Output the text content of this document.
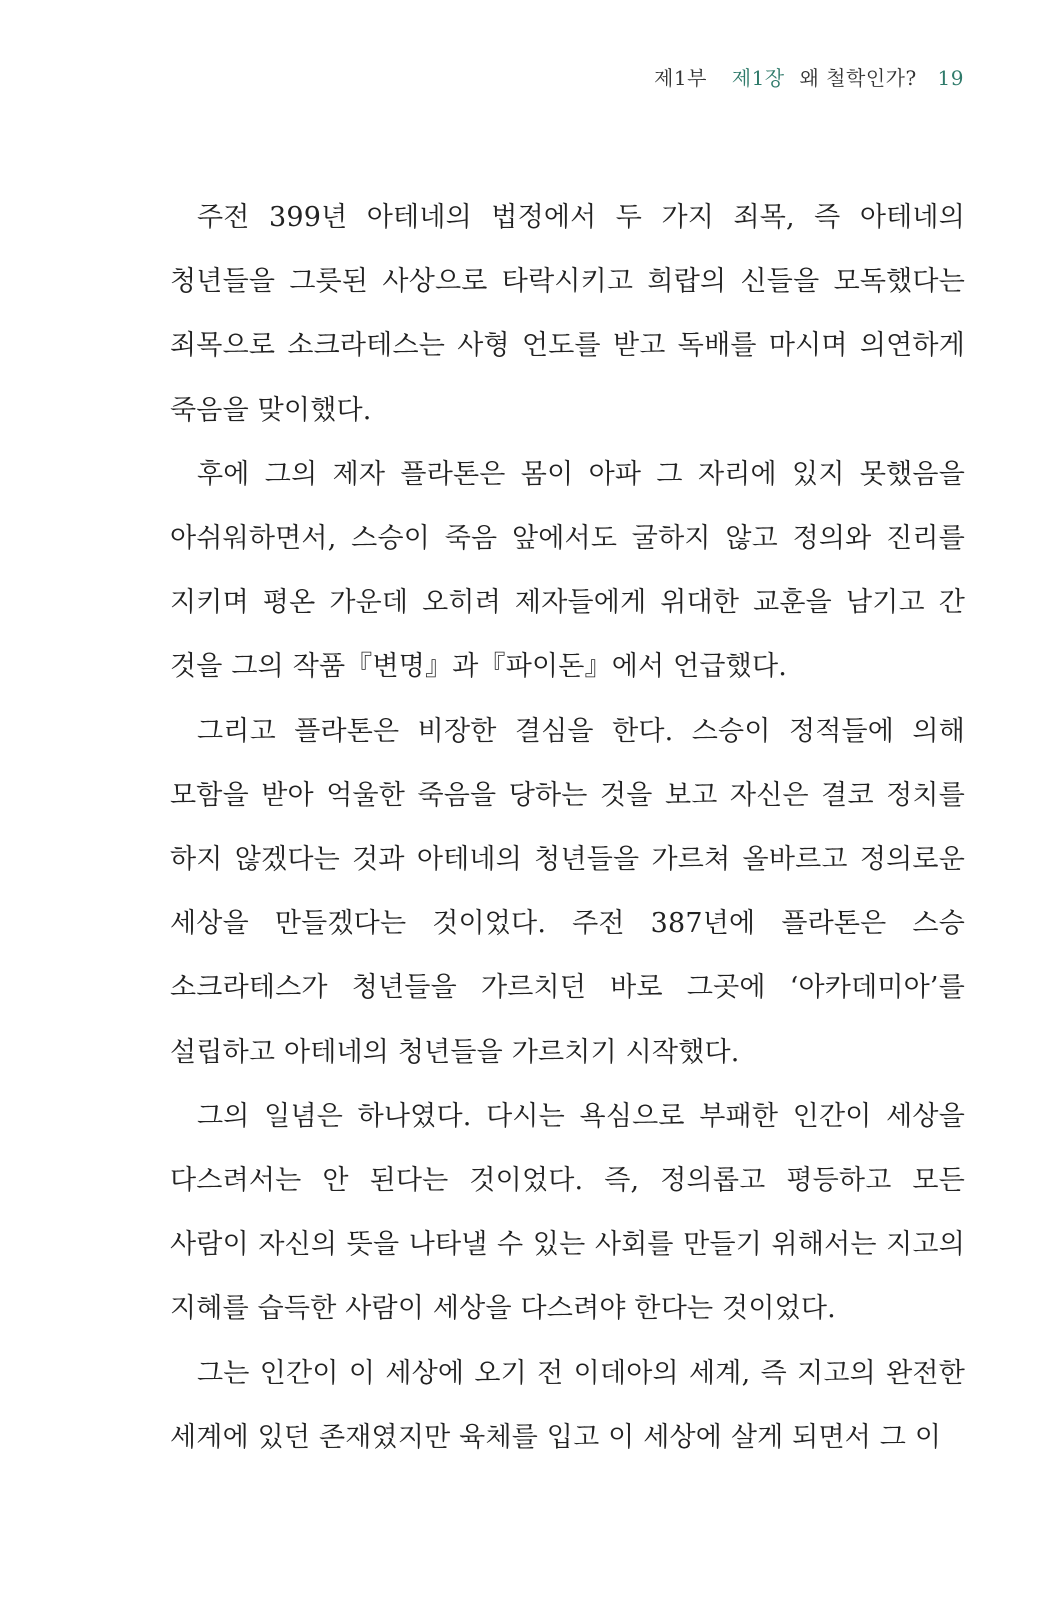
제1부 제1장 왜 철학인가? 19

주전 399년 아테네의 법정에서 두 가지 죄목, 즉 아테네의 청년들을 그릇된 사상으로 타락시키고 희랍의 신들을 모독했다는 죄목으로 소크라테스는 사형 언도를 받고 독배를 마시며 의연하게 죽음을 맞이했다.

후에 그의 제자 플라톤은 몸이 아파 그 자리에 있지 못했음을 아쉬워하면서, 스승이 죽음 앞에서도 굴하지 않고 정의와 진리를 지키며 평온 가운데 오히려 제자들에게 위대한 교훈을 남기고 간 것을 그의 작품『변명』과『파이돈』에서 언급했다.

그리고 플라톤은 비장한 결심을 한다. 스승이 정적들에 의해 모함을 받아 억울한 죽음을 당하는 것을 보고 자신은 결코 정치를 하지 않겠다는 것과 아테네의 청년들을 가르쳐 올바르고 정의로운 세상을 만들겠다는 것이었다. 주전 387년에 플라톤은 스승 소크라테스가 청년들을 가르치던 바로 그곳에 ‘아카데미아’를 설립하고 아테네의 청년들을 가르치기 시작했다.

그의 일념은 하나였다. 다시는 욕심으로 부패한 인간이 세상을 다스려서는 안 된다는 것이었다. 즉, 정의롭고 평등하고 모든 사람이 자신의 뜻을 나타낼 수 있는 사회를 만들기 위해서는 지고의 지혜를 습득한 사람이 세상을 다스려야 한다는 것이었다.

그는 인간이 이 세상에 오기 전 이데아의 세계, 즉 지고의 완전한 세계에 있던 존재였지만 육체를 입고 이 세상에 살게 되면서 그 이
